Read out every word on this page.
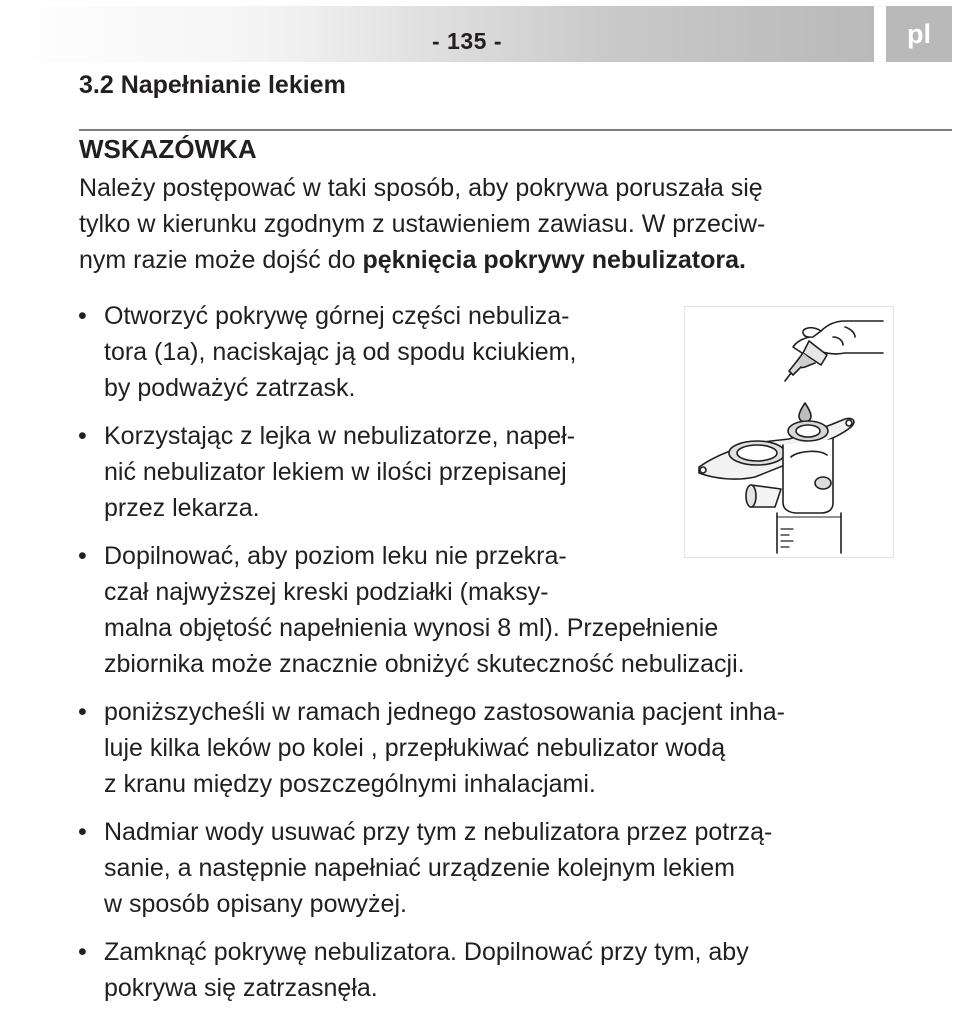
- 135 -	pl
3.2 Napełnianie lekiem
WSKAZÓWKA

Należy postępować w taki sposób, aby pokrywa poruszała się
tylko w kierunku zgodnym z ustawieniem zawiasu. W przeciw-
nym razie może dojść do pęknięcia pokrywy nebulizatora.

• Otworzyć pokrywę górnej części nebuliza-
tora (1a), naciskając ją od spodu kciukiem,
by podważyć zatrzask.
• Korzystając z lejka w nebulizatorze, napeł-
nić nebulizator lekiem w ilości przepisanej
przez lekarza.
• Dopilnować, aby poziom leku nie przekra-
czał najwyższej kreski podziałki (maksy-
malna objętość napełnienia wynosi 8 ml). Przepełnienie
zbiornika może znacznie obniżyć skuteczność nebulizacji.
• poniższycheśli w ramach jednego zastosowania pacjent inha-
luje kilka leków po kolei , przepłukiwać nebulizator wodą
z kranu między poszczególnymi inhalacjami.
• Nadmiar wody usuwać przy tym z nebulizatora przez potrzą-
sanie, a następnie napełniać urządzenie kolejnym lekiem
w sposób opisany powyżej.
• Zamknąć pokrywę nebulizatora. Dopilnować przy tym, aby
pokrywa się zatrzasnęła.
